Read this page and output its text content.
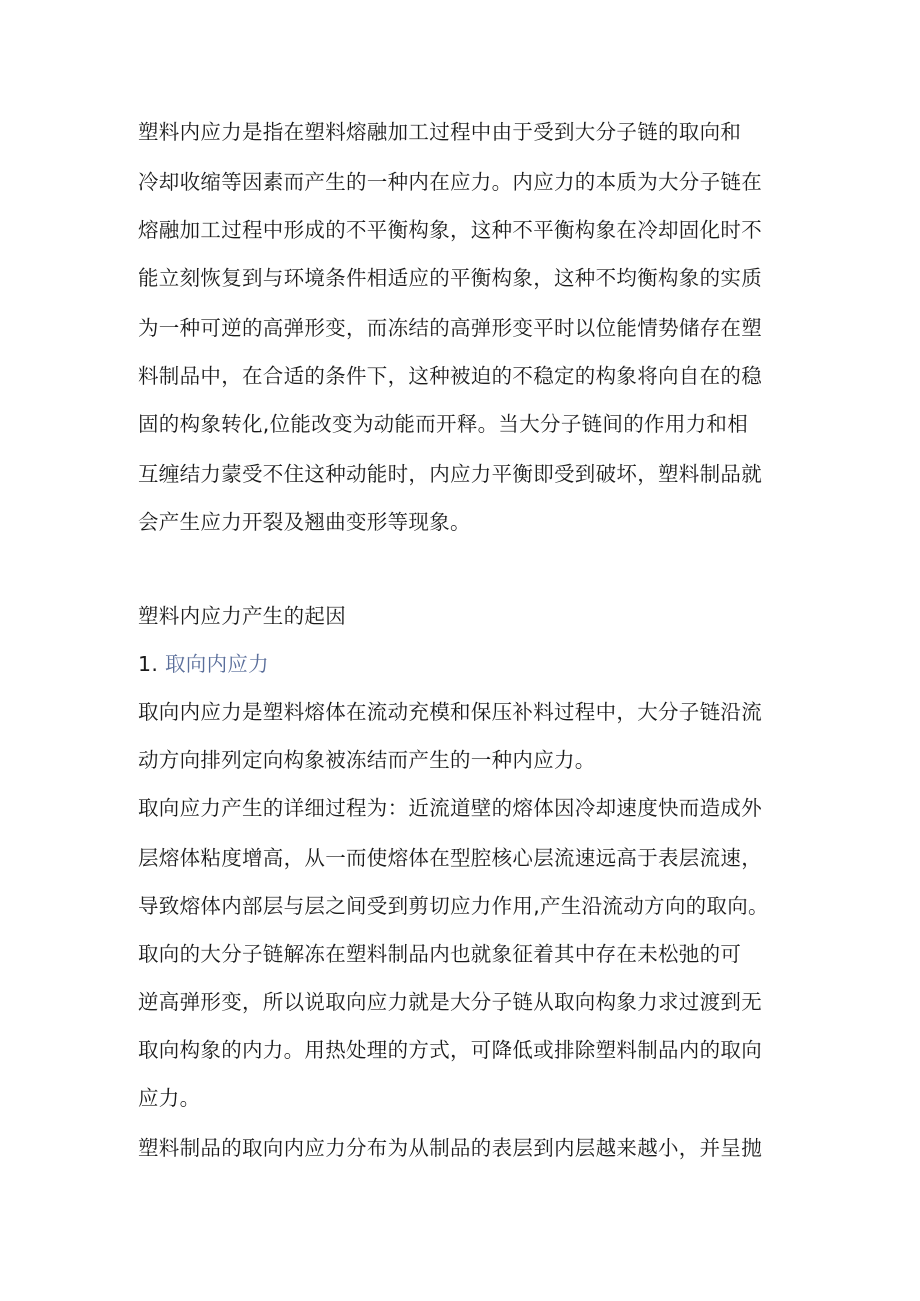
塑料内应力是指在塑料熔融加工过程中由于受到大分子链的取向和
冷却收缩等因素而产生的一种内在应力。内应力的本质为大分子链在
熔融加工过程中形成的不平衡构象，这种不平衡构象在冷却固化时不
能立刻恢复到与环境条件相适应的平衡构象，这种不均衡构象的实质
为一种可逆的高弹形变，而冻结的高弹形变平时以位能情势储存在塑
料制品中，在合适的条件下，这种被迫的不稳定的构象将向自在的稳
固的构象转化,位能改变为动能而开释。当大分子链间的作用力和相
互缠结力蒙受不住这种动能时，内应力平衡即受到破坏，塑料制品就
会产生应力开裂及翘曲变形等现象。
塑料内应力产生的起因
1. 取向内应力
取向内应力是塑料熔体在流动充模和保压补料过程中，大分子链沿流
动方向排列定向构象被冻结而产生的一种内应力。
取向应力产生的详细过程为：近流道壁的熔体因冷却速度快而造成外
层熔体粘度增高，从一而使熔体在型腔核心层流速远高于表层流速，
导致熔体内部层与层之间受到剪切应力作用,产生沿流动方向的取向。
取向的大分子链解冻在塑料制品内也就象征着其中存在未松弛的可
逆高弹形变，所以说取向应力就是大分子链从取向构象力求过渡到无
取向构象的内力。用热处理的方式，可降低或排除塑料制品内的取向
应力。
塑料制品的取向内应力分布为从制品的表层到内层越来越小，并呈抛
